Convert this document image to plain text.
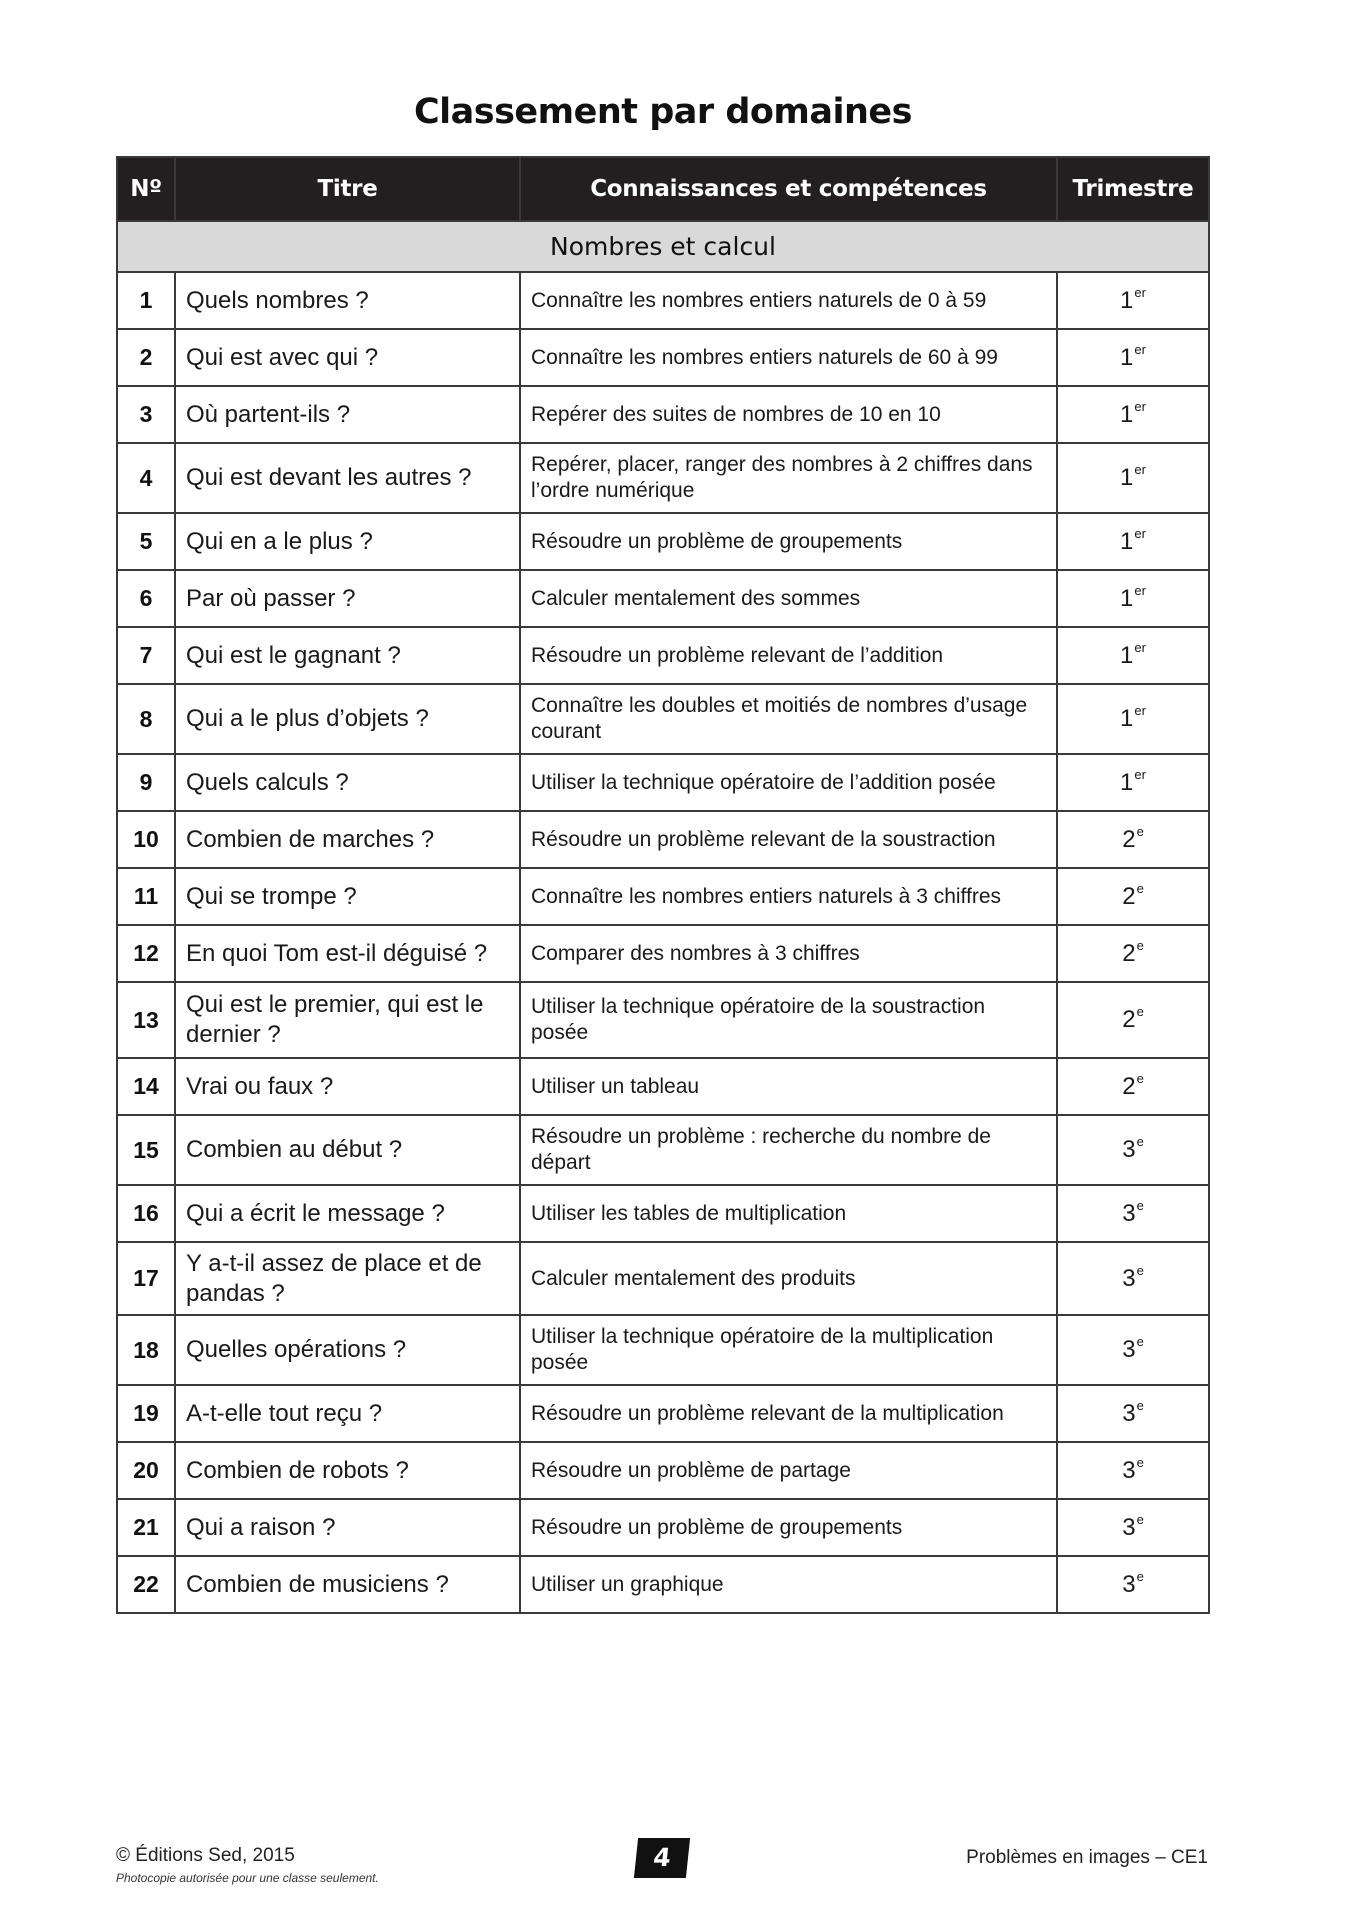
Classement par domaines
Nº	Titre	Connaissances et compétences	Trimestre
Nombres et calcul			
1	Quels nombres ?	Connaître les nombres entiers naturels de 0 à 59	1er
2	Qui est avec qui ?	Connaître les nombres entiers naturels de 60 à 99	1er
3	Où partent-ils ?	Repérer des suites de nombres de 10 en 10	1er
4	Qui est devant les autres ?	Repérer, placer, ranger des nombres à 2 chiffres dans l’ordre numérique	1er
5	Qui en a le plus ?	Résoudre un problème de groupements	1er
6	Par où passer ?	Calculer mentalement des sommes	1er
7	Qui est le gagnant ?	Résoudre un problème relevant de l’addition	1er
8	Qui a le plus d’objets ?	Connaître les doubles et moitiés de nombres d’usage courant	1er
9	Quels calculs ?	Utiliser la technique opératoire de l’addition posée	1er
10	Combien de marches ?	Résoudre un problème relevant de la soustraction	2e
11	Qui se trompe ?	Connaître les nombres entiers naturels à 3 chiffres	2e
12	En quoi Tom est-il déguisé ?	Comparer des nombres à 3 chiffres	2e
13	Qui est le premier, qui est le dernier ?	Utiliser la technique opératoire de la soustraction posée	2e
14	Vrai ou faux ?	Utiliser un tableau	2e
15	Combien au début ?	Résoudre un problème : recherche du nombre de départ	3e
16	Qui a écrit le message ?	Utiliser les tables de multiplication	3e
17	Y a-t-il assez de place et de pandas ?	Calculer mentalement des produits	3e
18	Quelles opérations ?	Utiliser la technique opératoire de la multiplication posée	3e
19	A-t-elle tout reçu ?	Résoudre un problème relevant de la multiplication	3e
20	Combien de robots ?	Résoudre un problème de partage	3e
21	Qui a raison ?	Résoudre un problème de groupements	3e
22	Combien de musiciens ?	Utiliser un graphique	3e
© Éditions Sed, 2015
Photocopie autorisée pour une classe seulement.
4	Problèmes en images – CE1
